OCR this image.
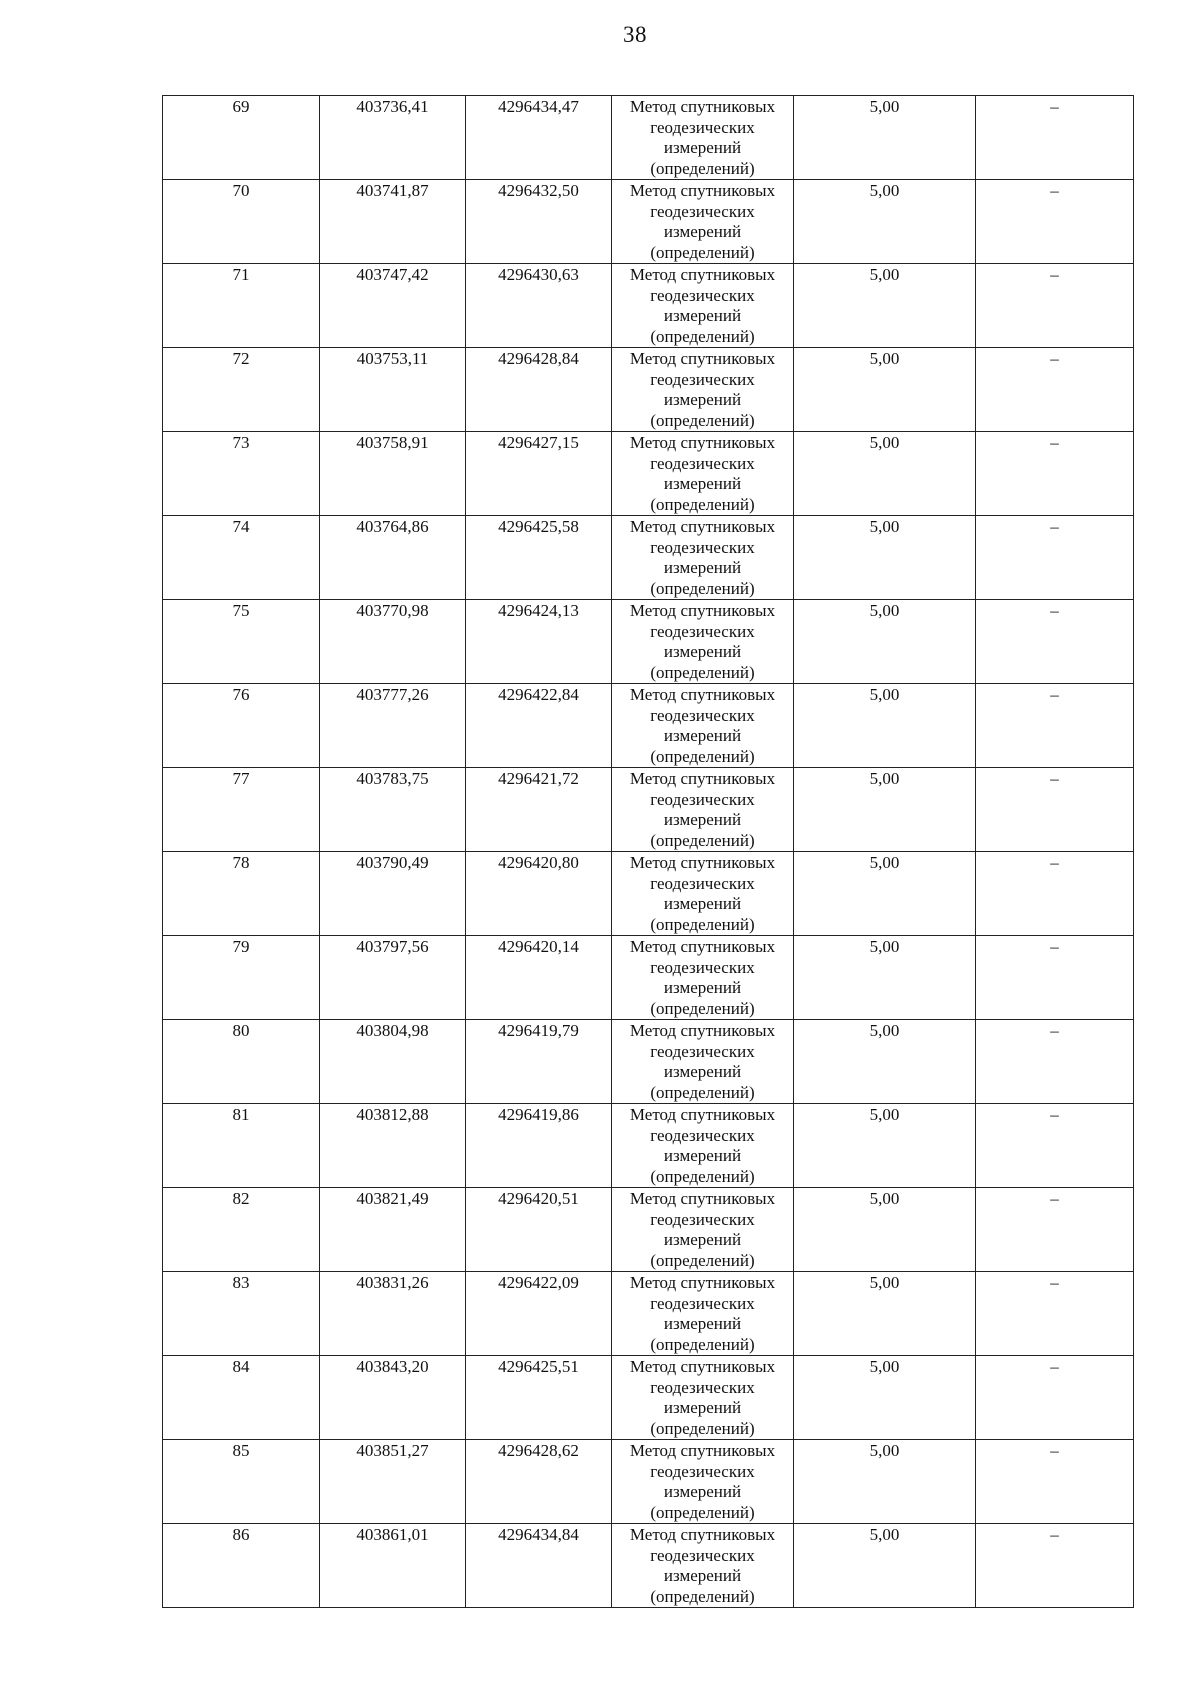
38
69	403736,41	4296434,47	Метод спутниковых геодезических измерений (определений)	5,00	–
70	403741,87	4296432,50	Метод спутниковых геодезических измерений (определений)	5,00	–
71	403747,42	4296430,63	Метод спутниковых геодезических измерений (определений)	5,00	–
72	403753,11	4296428,84	Метод спутниковых геодезических измерений (определений)	5,00	–
73	403758,91	4296427,15	Метод спутниковых геодезических измерений (определений)	5,00	–
74	403764,86	4296425,58	Метод спутниковых геодезических измерений (определений)	5,00	–
75	403770,98	4296424,13	Метод спутниковых геодезических измерений (определений)	5,00	–
76	403777,26	4296422,84	Метод спутниковых геодезических измерений (определений)	5,00	–
77	403783,75	4296421,72	Метод спутниковых геодезических измерений (определений)	5,00	–
78	403790,49	4296420,80	Метод спутниковых геодезических измерений (определений)	5,00	–
79	403797,56	4296420,14	Метод спутниковых геодезических измерений (определений)	5,00	–
80	403804,98	4296419,79	Метод спутниковых геодезических измерений (определений)	5,00	–
81	403812,88	4296419,86	Метод спутниковых геодезических измерений (определений)	5,00	–
82	403821,49	4296420,51	Метод спутниковых геодезических измерений (определений)	5,00	–
83	403831,26	4296422,09	Метод спутниковых геодезических измерений (определений)	5,00	–
84	403843,20	4296425,51	Метод спутниковых геодезических измерений (определений)	5,00	–
85	403851,27	4296428,62	Метод спутниковых геодезических измерений (определений)	5,00	–
86	403861,01	4296434,84	Метод спутниковых геодезических измерений (определений)	5,00	–
